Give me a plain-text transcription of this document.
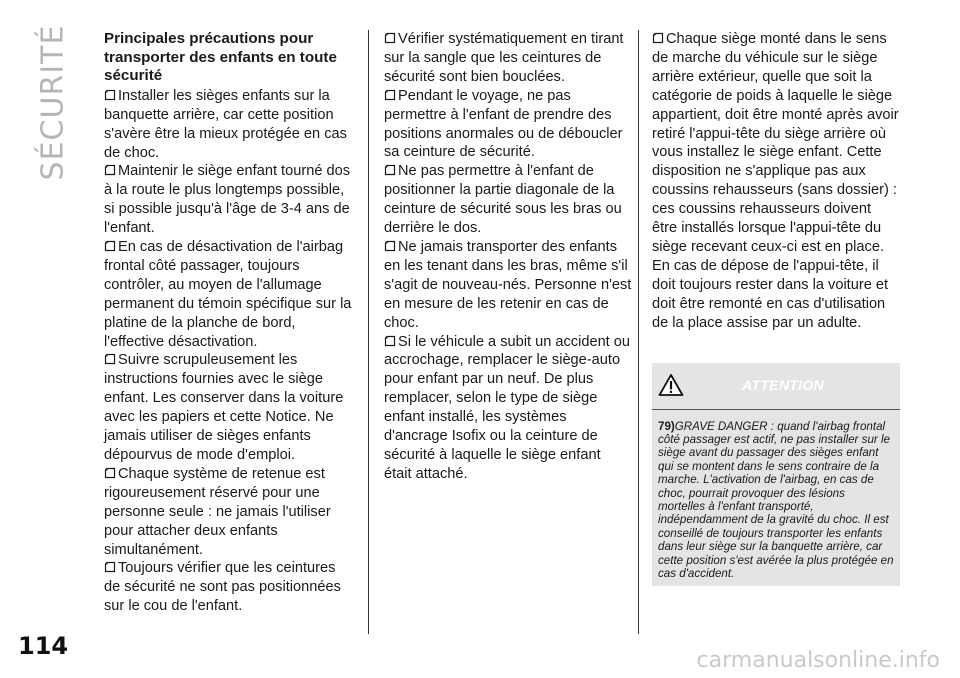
SÉCURITÉ Principales précautions pour transporter des enfants en toute sécurité

Installer les sièges enfants sur la banquette arrière, car cette position s'avère être la mieux protégée en cas de choc.

Maintenir le siège enfant tourné dos à la route le plus longtemps possible, si possible jusqu'à l'âge de 3-4 ans de l'enfant.

En cas de désactivation de l'airbag frontal côté passager, toujours contrôler, au moyen de l'allumage permanent du témoin spécifique sur la platine de la planche de bord, l'effective désactivation.

Suivre scrupuleusement les instructions fournies avec le siège enfant. Les conserver dans la voiture avec les papiers et cette Notice. Ne jamais utiliser de sièges enfants dépourvus de mode d'emploi.

Chaque système de retenue est rigoureusement réservé pour une personne seule : ne jamais l'utiliser pour attacher deux enfants simultanément.

Toujours vérifier que les ceintures de sécurité ne sont pas positionnées sur le cou de l'enfant.

Vérifier systématiquement en tirant sur la sangle que les ceintures de sécurité sont bien bouclées.

Pendant le voyage, ne pas permettre à l'enfant de prendre des positions anormales ou de déboucler sa ceinture de sécurité.

Ne pas permettre à l'enfant de positionner la partie diagonale de la ceinture de sécurité sous les bras ou derrière le dos.

Ne jamais transporter des enfants en les tenant dans les bras, même s'il s'agit de nouveau-nés. Personne n'est en mesure de les retenir en cas de choc.

Si le véhicule a subit un accident ou accrochage, remplacer le siège-auto pour enfant par un neuf. De plus remplacer, selon le type de siège enfant installé, les systèmes d'ancrage Isofix ou la ceinture de sécurité à laquelle le siège enfant était attaché.

Chaque siège monté dans le sens de marche du véhicule sur le siège arrière extérieur, quelle que soit la catégorie de poids à laquelle le siège appartient, doit être monté après avoir retiré l'appui-tête du siège arrière où vous installez le siège enfant. Cette disposition ne s'applique pas aux coussins rehausseurs (sans dossier) : ces coussins rehausseurs doivent être installés lorsque l'appui-tête du siège recevant ceux-ci est en place. En cas de dépose de l'appui-tête, il doit toujours rester dans la voiture et doit être remonté en cas d'utilisation de la place assise par un adulte.

ATTENTION
79)GRAVE DANGER : quand l'airbag frontal côté passager est actif, ne pas installer sur le siège avant du passager des sièges enfant qui se montent dans le sens contraire de la marche. L'activation de l'airbag, en cas de choc, pourrait provoquer des lésions mortelles à l'enfant transporté, indépendamment de la gravité du choc. Il est conseillé de toujours transporter les enfants dans leur siège sur la banquette arrière, car cette position s'est avérée la plus protégée en cas d'accident.
114
carmanualsonline.info
